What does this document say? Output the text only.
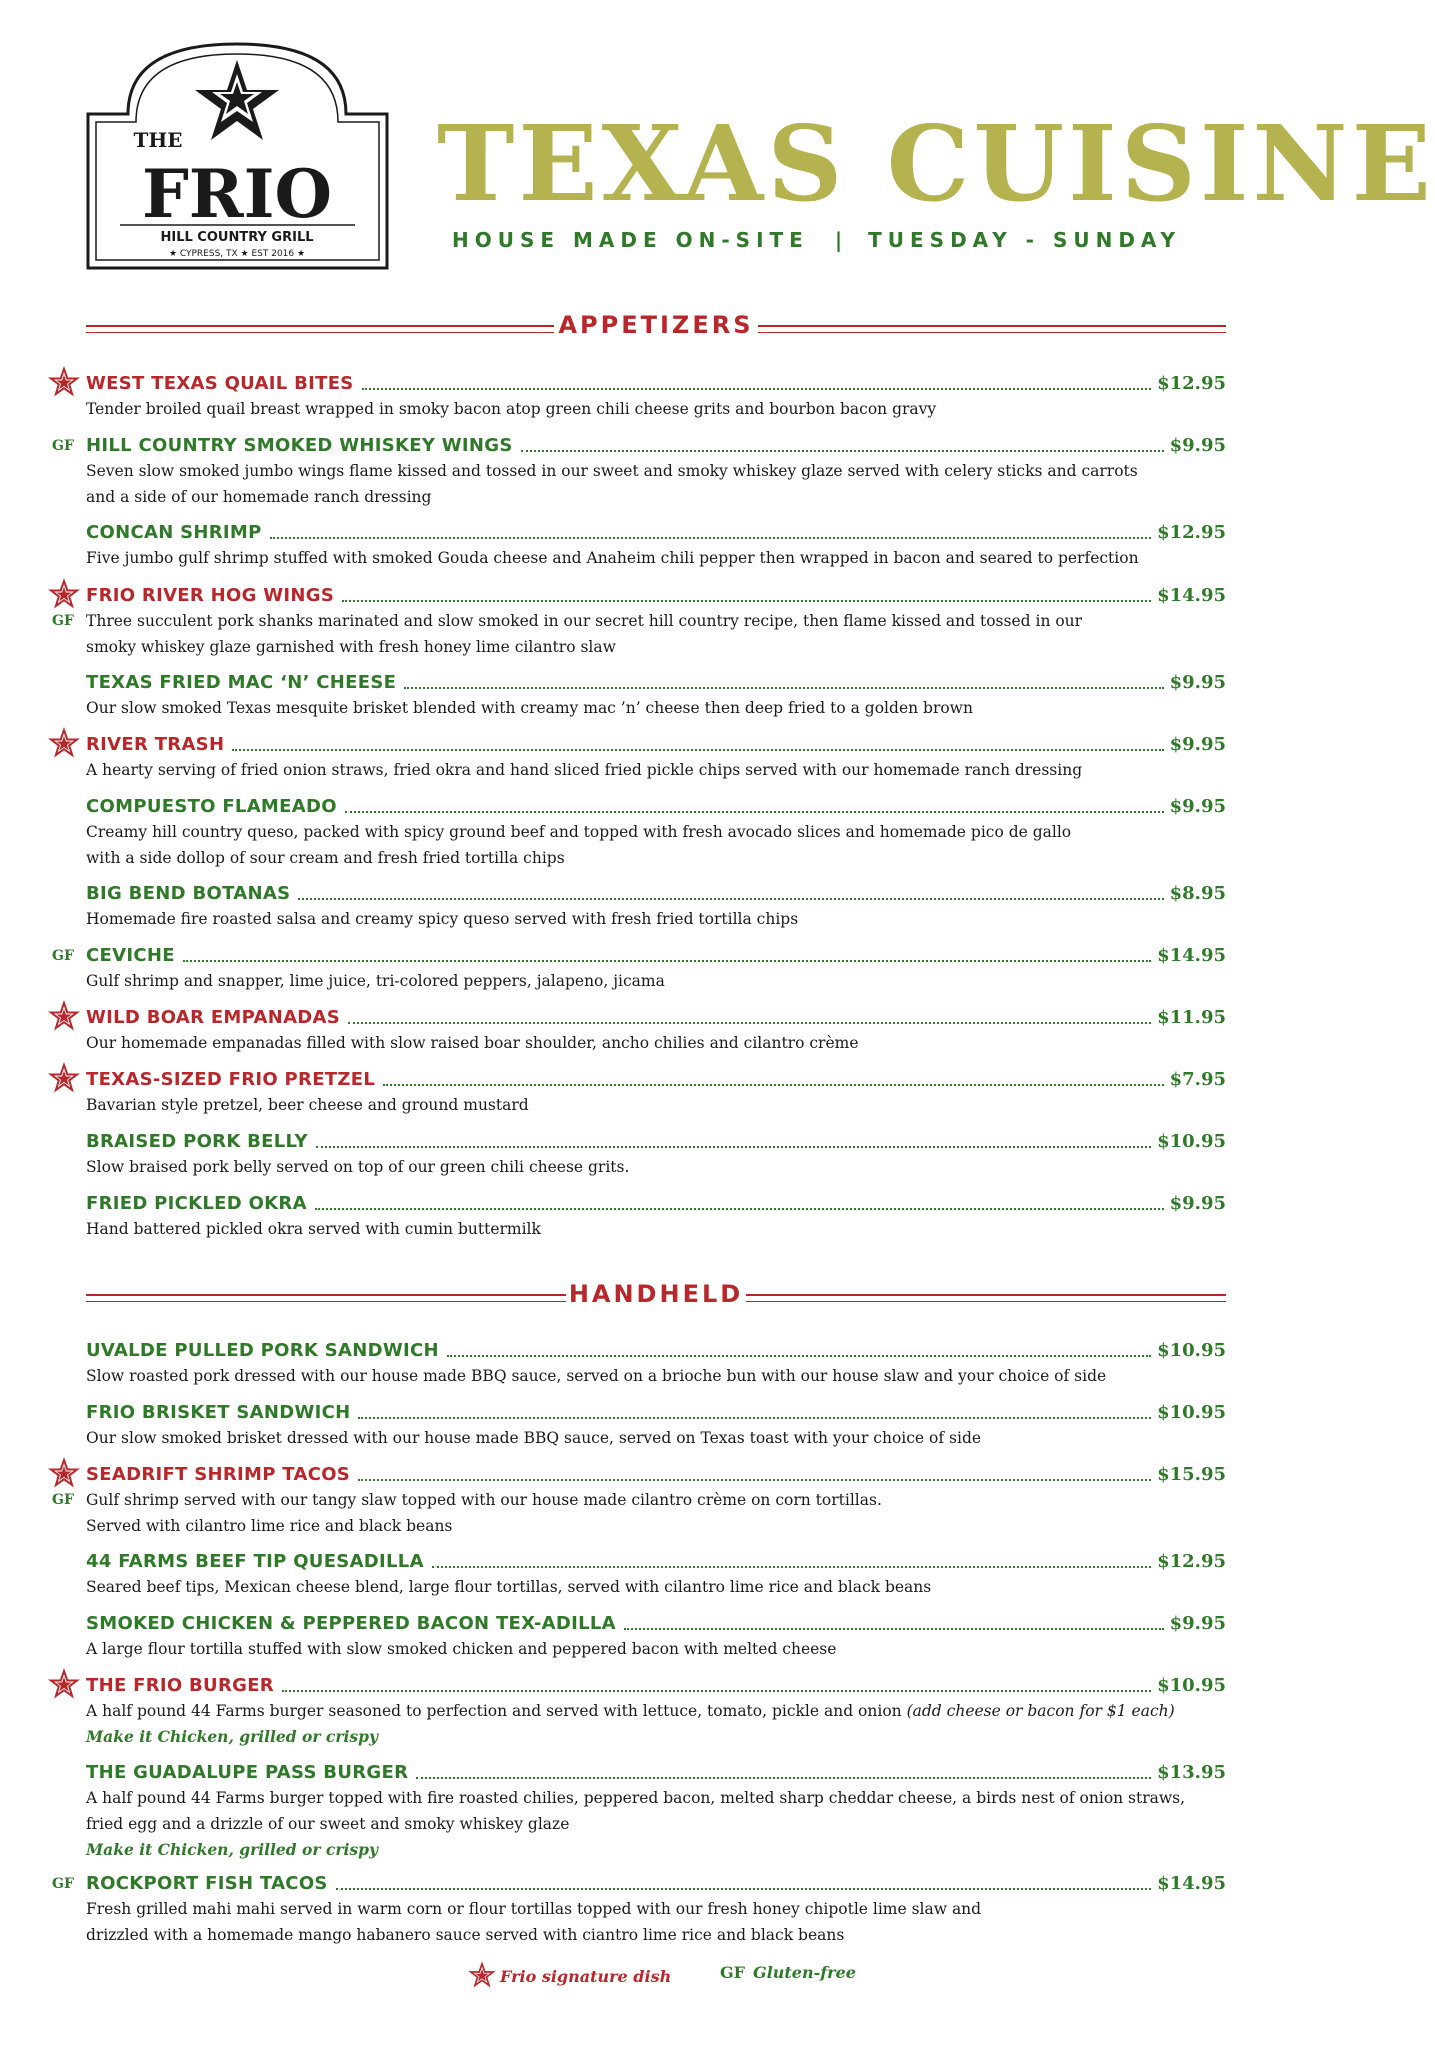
THE
FRIO
HILL COUNTRY GRILL
★ CYPRESS, TX ★ EST 2016 ★
TEXAS CUISINE
HOUSE MADE ON-SITE | TUESDAY - SUNDAY
APPETIZERS
HANDHELD
WEST TEXAS QUAIL BITES	$12.95
Tender broiled quail breast wrapped in smoky bacon atop green chili cheese grits and bourbon bacon gravy
GF HILL COUNTRY SMOKED WHISKEY WINGS	$9.95
Seven slow smoked jumbo wings flame kissed and tossed in our sweet and smoky whiskey glaze served with celery sticks and carrots
and a side of our homemade ranch dressing
CONCAN SHRIMP	$12.95
Five jumbo gulf shrimp stuffed with smoked Gouda cheese and Anaheim chili pepper then wrapped in bacon and seared to perfection
GF
FRIO RIVER HOG WINGS	$14.95
Three succulent pork shanks marinated and slow smoked in our secret hill country recipe, then flame kissed and tossed in our
smoky whiskey glaze garnished with fresh honey lime cilantro slaw
TEXAS FRIED MAC ‘N’ CHEESE	$9.95
Our slow smoked Texas mesquite brisket blended with creamy mac ’n’ cheese then deep fried to a golden brown
RIVER TRASH	$9.95
A hearty serving of fried onion straws, fried okra and hand sliced fried pickle chips served with our homemade ranch dressing
COMPUESTO FLAMEADO	$9.95
Creamy hill country queso, packed with spicy ground beef and topped with fresh avocado slices and homemade pico de gallo
with a side dollop of sour cream and fresh fried tortilla chips
BIG BEND BOTANAS	$8.95
Homemade fire roasted salsa and creamy spicy queso served with fresh fried tortilla chips
GF CEVICHE	$14.95
Gulf shrimp and snapper, lime juice, tri-colored peppers, jalapeno, jicama
WILD BOAR EMPANADAS	$11.95
Our homemade empanadas filled with slow raised boar shoulder, ancho chilies and cilantro crème
TEXAS-SIZED FRIO PRETZEL	$7.95
Bavarian style pretzel, beer cheese and ground mustard
BRAISED PORK BELLY	$10.95
Slow braised pork belly served on top of our green chili cheese grits.
FRIED PICKLED OKRA	$9.95
Hand battered pickled okra served with cumin buttermilk
UVALDE PULLED PORK SANDWICH	$10.95
Slow roasted pork dressed with our house made BBQ sauce, served on a brioche bun with our house slaw and your choice of side
FRIO BRISKET SANDWICH	$10.95
Our slow smoked brisket dressed with our house made BBQ sauce, served on Texas toast with your choice of side
GF
SEADRIFT SHRIMP TACOS	$15.95
Gulf shrimp served with our tangy slaw topped with our house made cilantro crème on corn tortillas.
Served with cilantro lime rice and black beans
44 FARMS BEEF TIP QUESADILLA	$12.95
Seared beef tips, Mexican cheese blend, large flour tortillas, served with cilantro lime rice and black beans
SMOKED CHICKEN & PEPPERED BACON TEX-ADILLA	$9.95
A large flour tortilla stuffed with slow smoked chicken and peppered bacon with melted cheese
THE FRIO BURGER	$10.95
A half pound 44 Farms burger seasoned to perfection and served with lettuce, tomato, pickle and onion (add cheese or bacon for $1 each)
Make it Chicken, grilled or crispy
THE GUADALUPE PASS BURGER	$13.95
A half pound 44 Farms burger topped with fire roasted chilies, peppered bacon, melted sharp cheddar cheese, a birds nest of onion straws,
fried egg and a drizzle of our sweet and smoky whiskey glaze
Make it Chicken, grilled or crispy
GF ROCKPORT FISH TACOS	$14.95
Fresh grilled mahi mahi served in warm corn or flour tortillas topped with our fresh honey chipotle lime slaw and
drizzled with a homemade mango habanero sauce served with ciantro lime rice and black beans
Frio signature dish	GF Gluten-free
